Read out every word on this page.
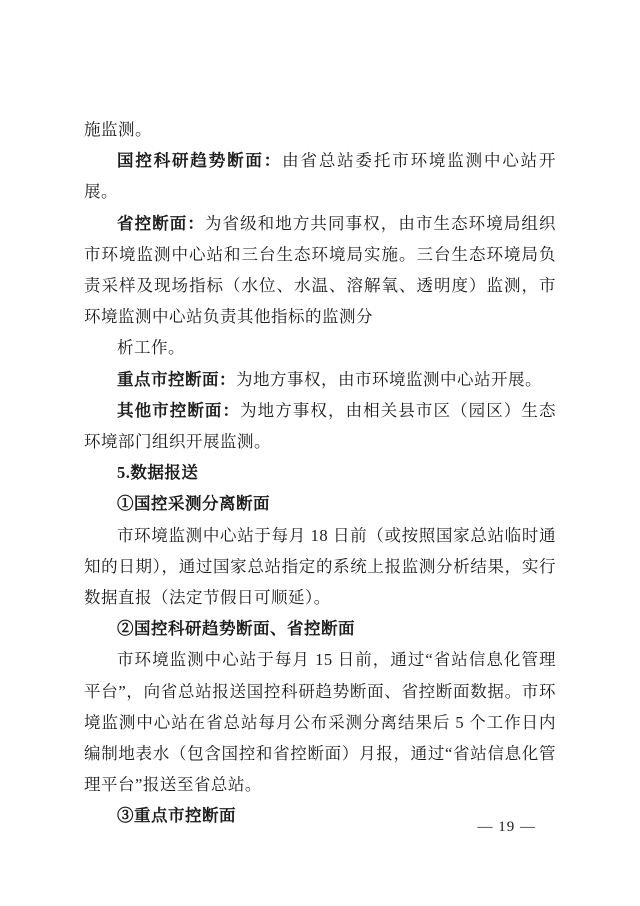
施监测。

国控科研趋势断面：由省总站委托市环境监测中心站开展。

省控断面：为省级和地方共同事权，由市生态环境局组织市环境监测中心站和三台生态环境局实施。三台生态环境局负责采样及现场指标（水位、水温、溶解氧、透明度）监测，市环境监测中心站负责其他指标的监测分

析工作。

重点市控断面：为地方事权，由市环境监测中心站开展。

其他市控断面：为地方事权，由相关县市区（园区）生态环境部门组织开展监测。

5.数据报送

①国控采测分离断面

市环境监测中心站于每月 18 日前（或按照国家总站临时通知的日期），通过国家总站指定的系统上报监测分析结果，实行数据直报（法定节假日可顺延）。

②国控科研趋势断面、省控断面

市环境监测中心站于每月 15 日前，通过“省站信息化管理平台”，向省总站报送国控科研趋势断面、省控断面数据。市环境监测中心站在省总站每月公布采测分离结果后 5 个工作日内编制地表水（包含国控和省控断面）月报，通过“省站信息化管理平台”报送至省总站。

③重点市控断面

— 19 —
